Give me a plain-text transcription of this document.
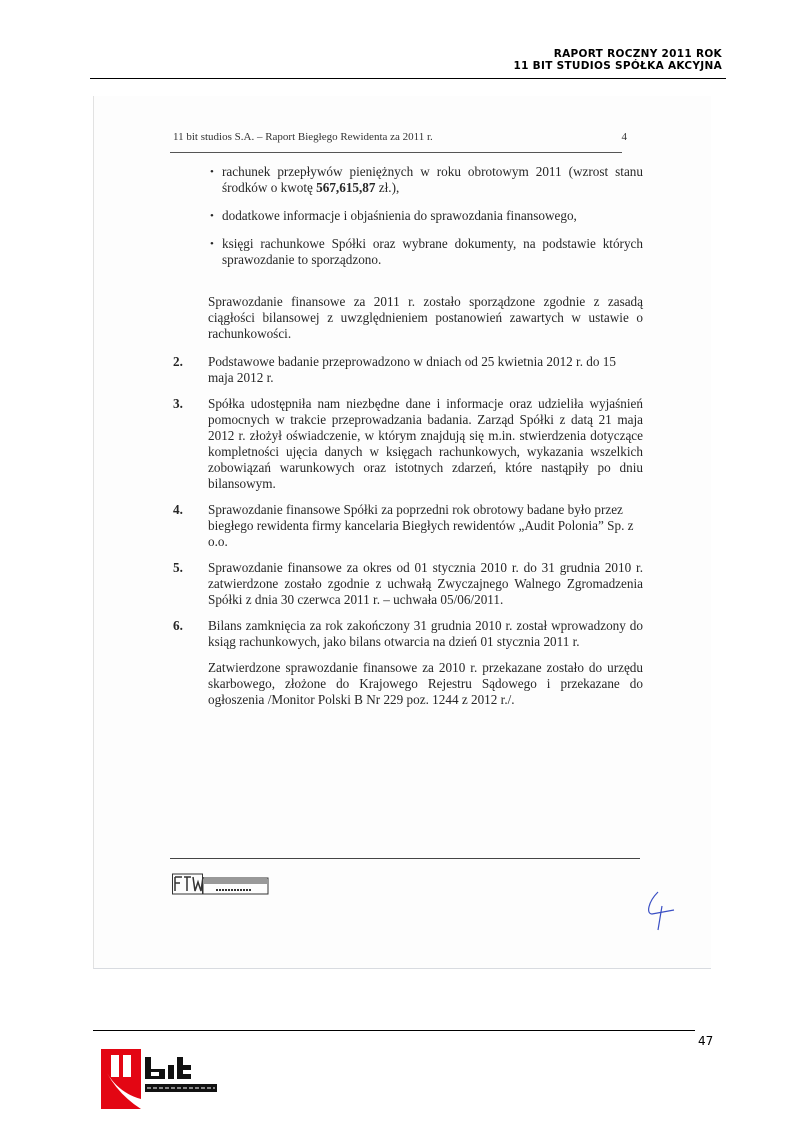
RAPORT ROCZNY 2011 ROK
11 BIT STUDIOS SPÓŁKA AKCYJNA
11 bit studios S.A. – Raport Biegłego Rewidenta za 2011 r.	4
• rachunek przepływów pieniężnych w roku obrotowym 2011 (wzrost stanu środków o kwotę 567,615,87 zł.),
• dodatkowe informacje i objaśnienia do sprawozdania finansowego,
• księgi rachunkowe Spółki oraz wybrane dokumenty, na podstawie których sprawozdanie to sporządzono.
Sprawozdanie finansowe za 2011 r. zostało sporządzone zgodnie z zasadą ciągłości bilansowej z uwzględnieniem postanowień zawartych w ustawie o rachunkowości.
2.	Podstawowe badanie przeprowadzono w dniach od 25 kwietnia 2012 r. do 15 maja 2012 r.
3.	Spółka udostępniła nam niezbędne dane i informacje oraz udzieliła wyjaśnień pomocnych w trakcie przeprowadzania badania. Zarząd Spółki z datą 21 maja 2012 r. złożył oświadczenie, w którym znajdują się m.in. stwierdzenia dotyczące kompletności ujęcia danych w księgach rachunkowych, wykazania wszelkich zobowiązań warunkowych oraz istotnych zdarzeń, które nastąpiły po dniu bilansowym.
4.	Sprawozdanie finansowe Spółki za poprzedni rok obrotowy badane było przez biegłego rewidenta firmy kancelaria Biegłych rewidentów „Audit Polonia” Sp. z o.o.
5.	Sprawozdanie finansowe za okres od 01 stycznia 2010 r. do 31 grudnia 2010 r. zatwierdzone zostało zgodnie z uchwałą Zwyczajnego Walnego Zgromadzenia Spółki z dnia 30 czerwca 2011 r. – uchwała 05/06/2011.
6.	Bilans zamknięcia za rok zakończony 31 grudnia 2010 r. został wprowadzony do ksiąg rachunkowych, jako bilans otwarcia na dzień 01 stycznia 2011 r.
Zatwierdzone sprawozdanie finansowe za 2010 r. przekazane zostało do urzędu skarbowego, złożone do Krajowego Rejestru Sądowego i przekazane do ogłoszenia /Monitor Polski B Nr 229 poz. 1244 z 2012 r./.
47
